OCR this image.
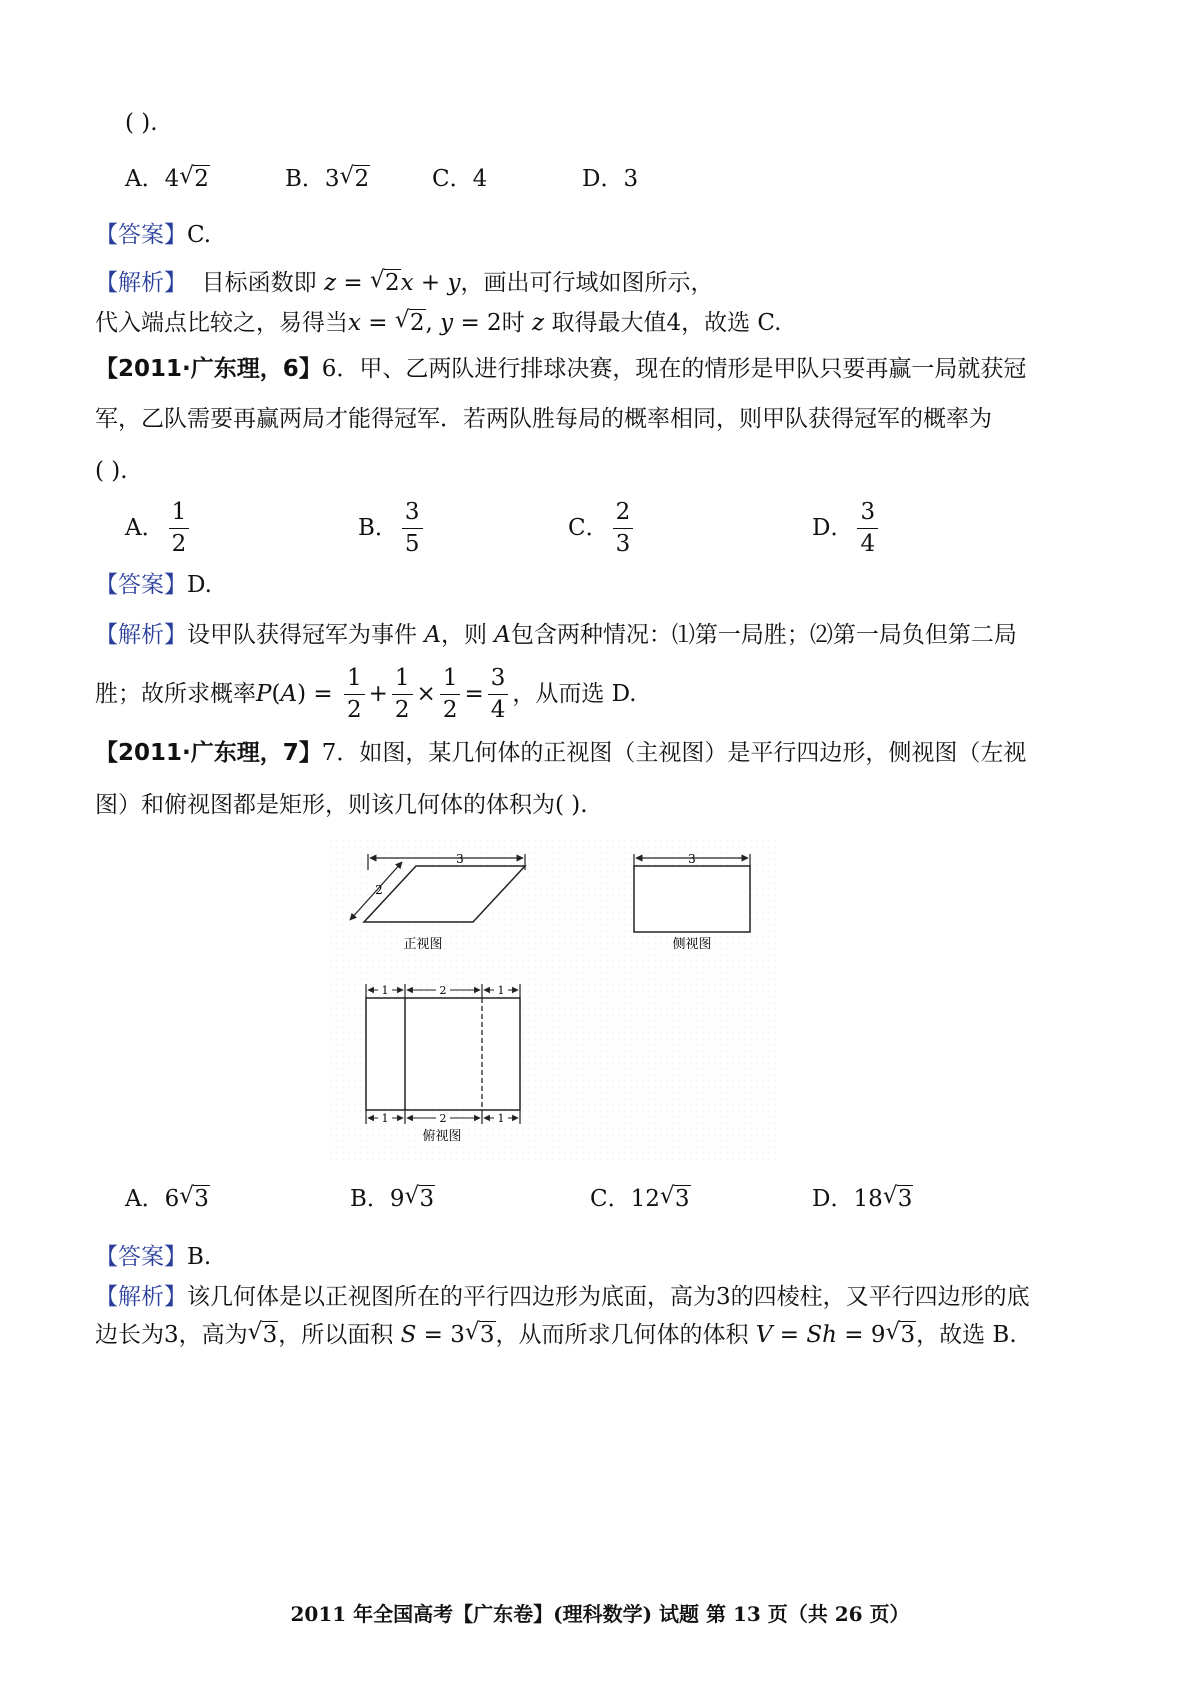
( ).
A．4 √ 2	B．3 √ 2	C．4	D．3
【答案】C.
【解析】 目标函数即 z = √ 2x + y，画出可行域如图所示，
代入端点比较之，易得当x = √ 2, y = 2时 z 取得最大值4，故选 C.
【2011·广东理，6】6．甲、乙两队进行排球决赛，现在的情形是甲队只要再赢一局就获冠
军，乙队需要再赢两局才能得冠军．若两队胜每局的概率相同，则甲队获得冠军的概率为
( ).
A． $\frac{1}{2}$	B． $\frac{3}{5}$	C． $\frac{2}{3}$	D． $\frac{3}{4}$
【答案】D.
【解析】设甲队获得冠军为事件 A，则 A包含两种情况：⑴第一局胜；⑵第一局负但第二局
胜；故所求概率$P(A) = \frac{1}{2} + \frac{1}{2} \times \frac{1}{2} = \frac{3}{4}$ ，从而选 D.
【2011·广东理，7】7．如图，某几何体的正视图（主视图）是平行四边形，侧视图（左视
图）和俯视图都是矩形，则该几何体的体积为( ).
3
2
正视图
3
侧视图
1	2	1
1	2	1
俯视图
A．6 √ 3	B．9 √ 3	C．12 √ 3	D．18 √ 3
【答案】B.
【解析】该几何体是以正视图所在的平行四边形为底面，高为3的四棱柱，又平行四边形的底
边长为3，高为 √ 3，所以面积 S = 3 √ 3，从而所求几何体的体积 V = Sh = 9 √ 3，故选 B.
2011 年全国高考【广东卷】(理科数学) 试题 第 13 页（共 26 页）
